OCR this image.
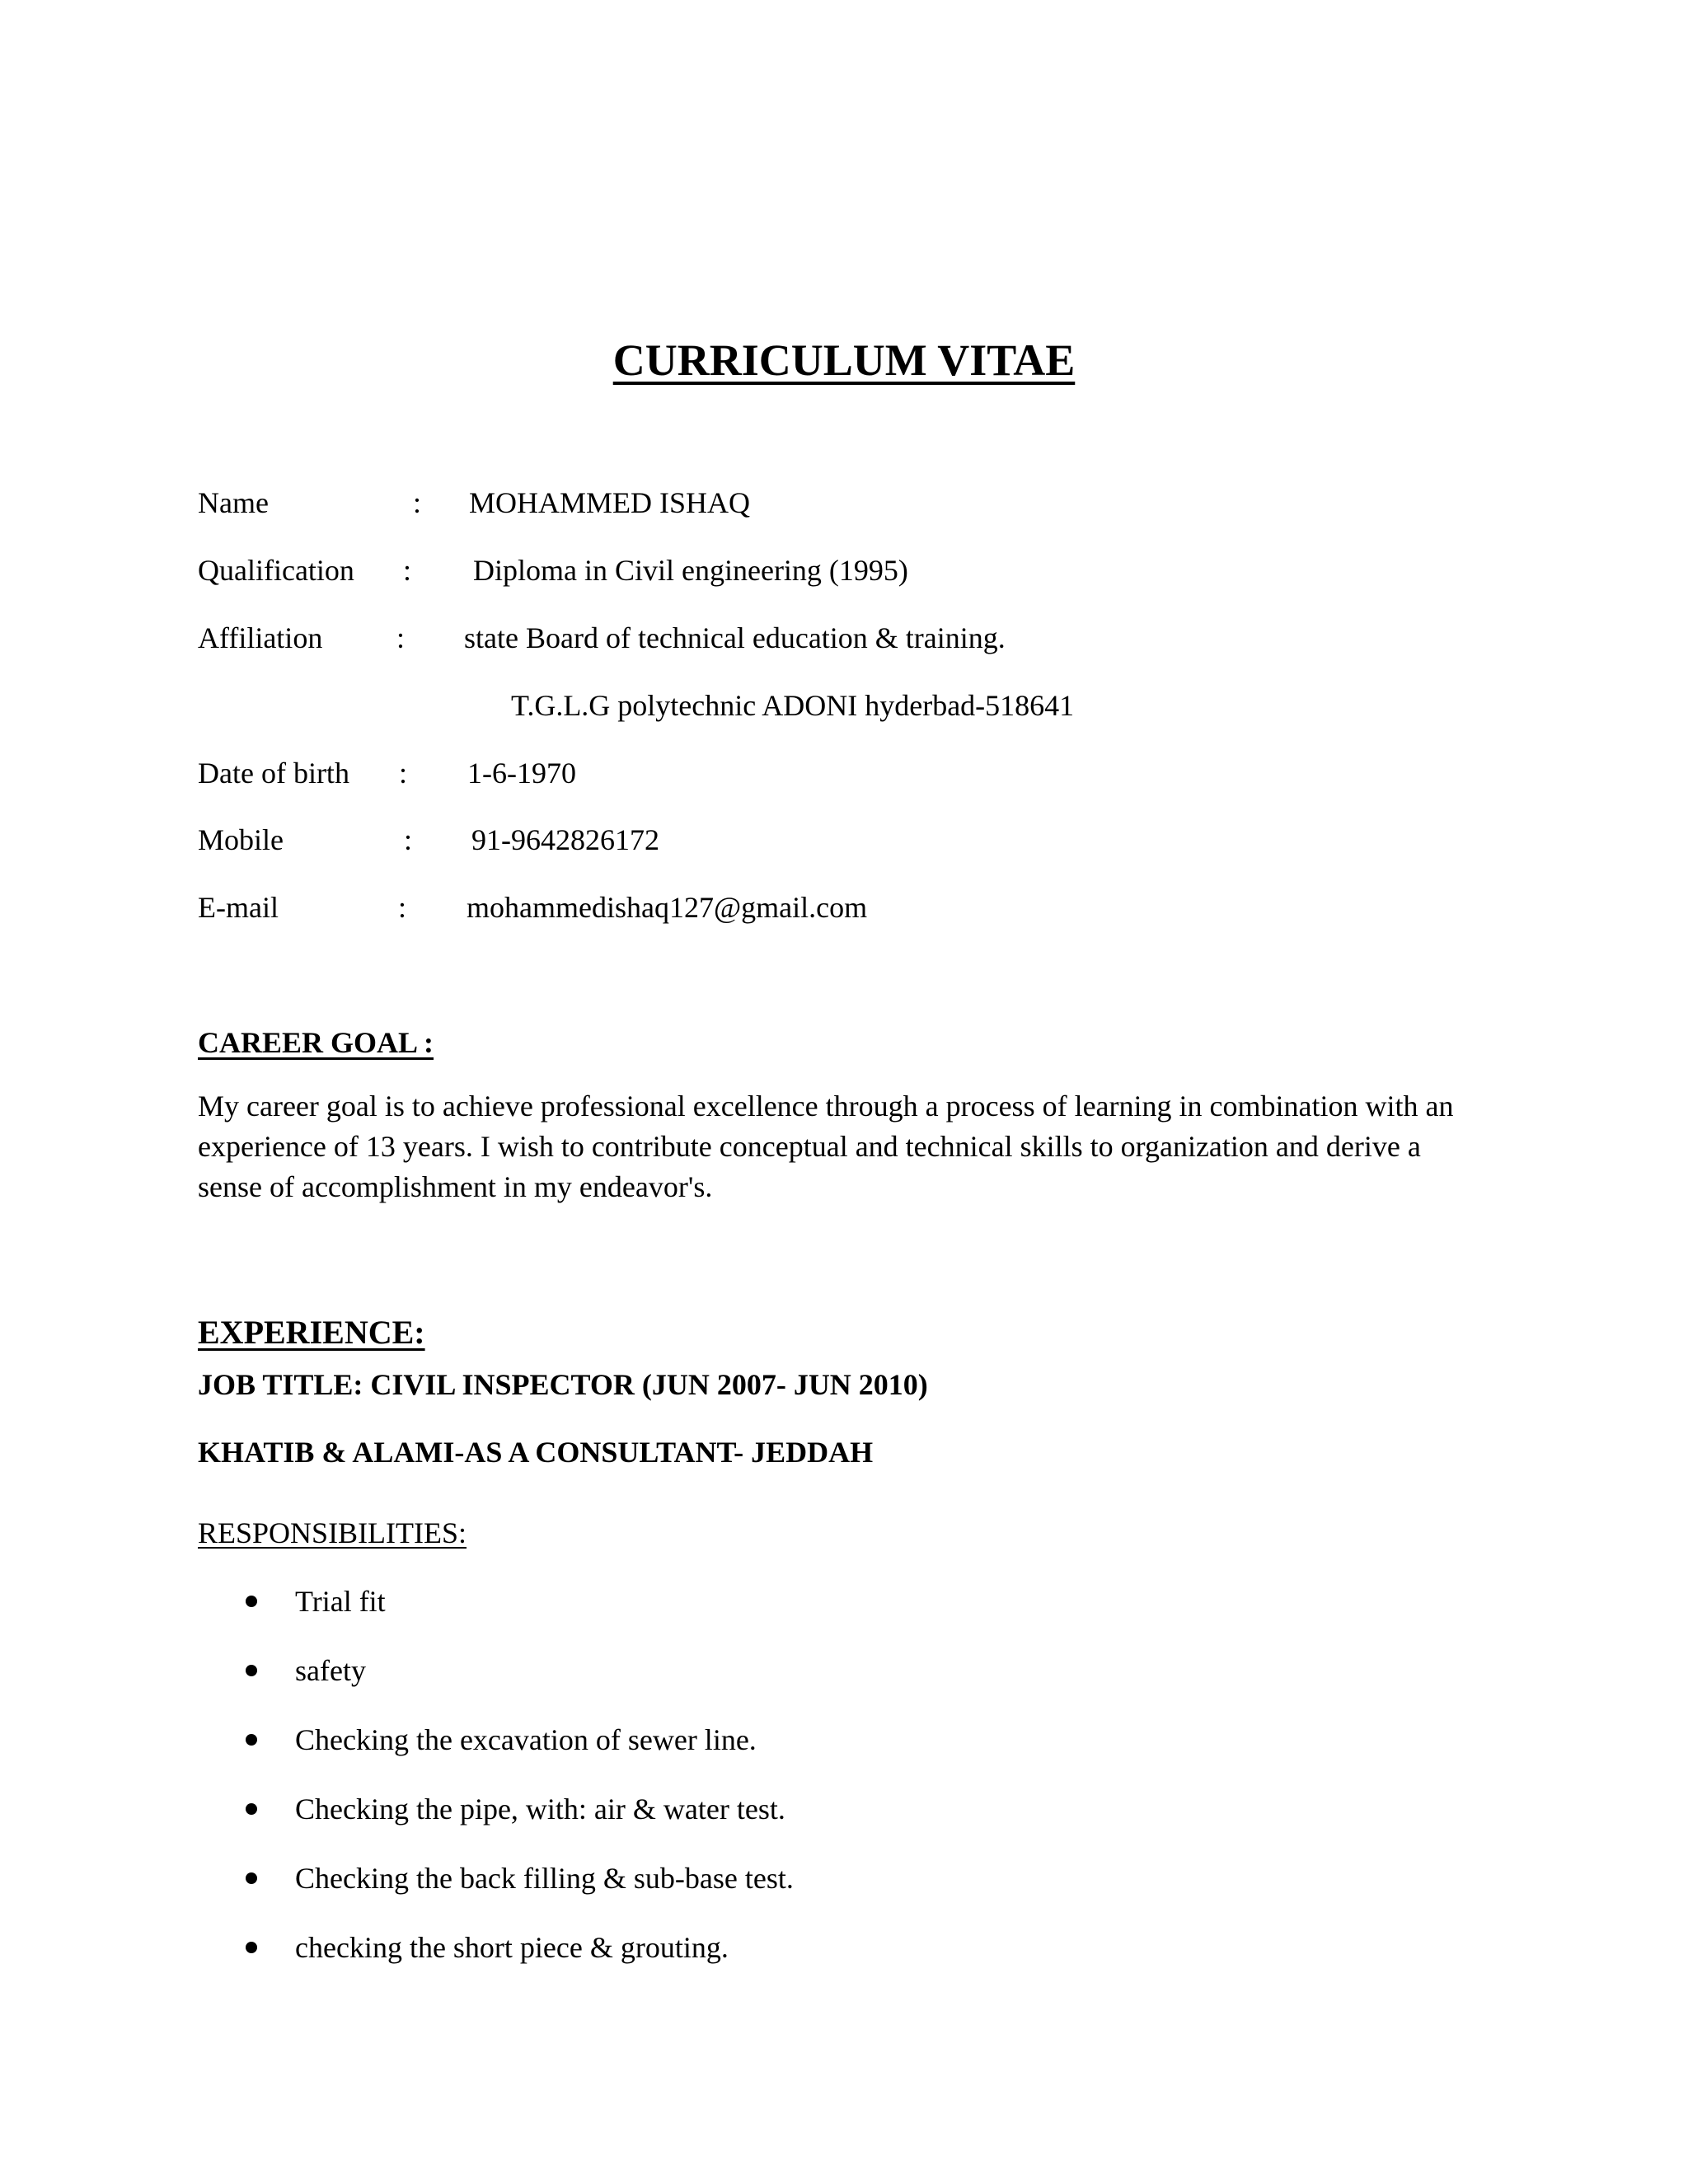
CURRICULUM VITAE
Name	: MOHAMMED ISHAQ
Qualification : Diploma in Civil engineering (1995)
Affiliation : state Board of technical education & training.
T.G.L.G polytechnic ADONI hyderbad-518641
Date of birth : 1-6-1970
Mobile	: 91-9642826172
E-mail	: mohammedishaq127@gmail.com
CAREER GOAL :

My career goal is to achieve professional excellence through a process of learning in combination with an

experience of 13 years. I wish to contribute conceptual and technical skills to organization and derive a

sense of accomplishment in my endeavor's.

EXPERIENCE:
JOB TITLE: CIVIL INSPECTOR (JUN 2007- JUN 2010)
KHATIB & ALAMI-AS A CONSULTANT- JEDDAH
RESPONSIBILITIES:
Trial fit
safety
Checking the excavation of sewer line.
Checking the pipe, with: air & water test.
Checking the back filling & sub-base test.
checking the short piece & grouting.
